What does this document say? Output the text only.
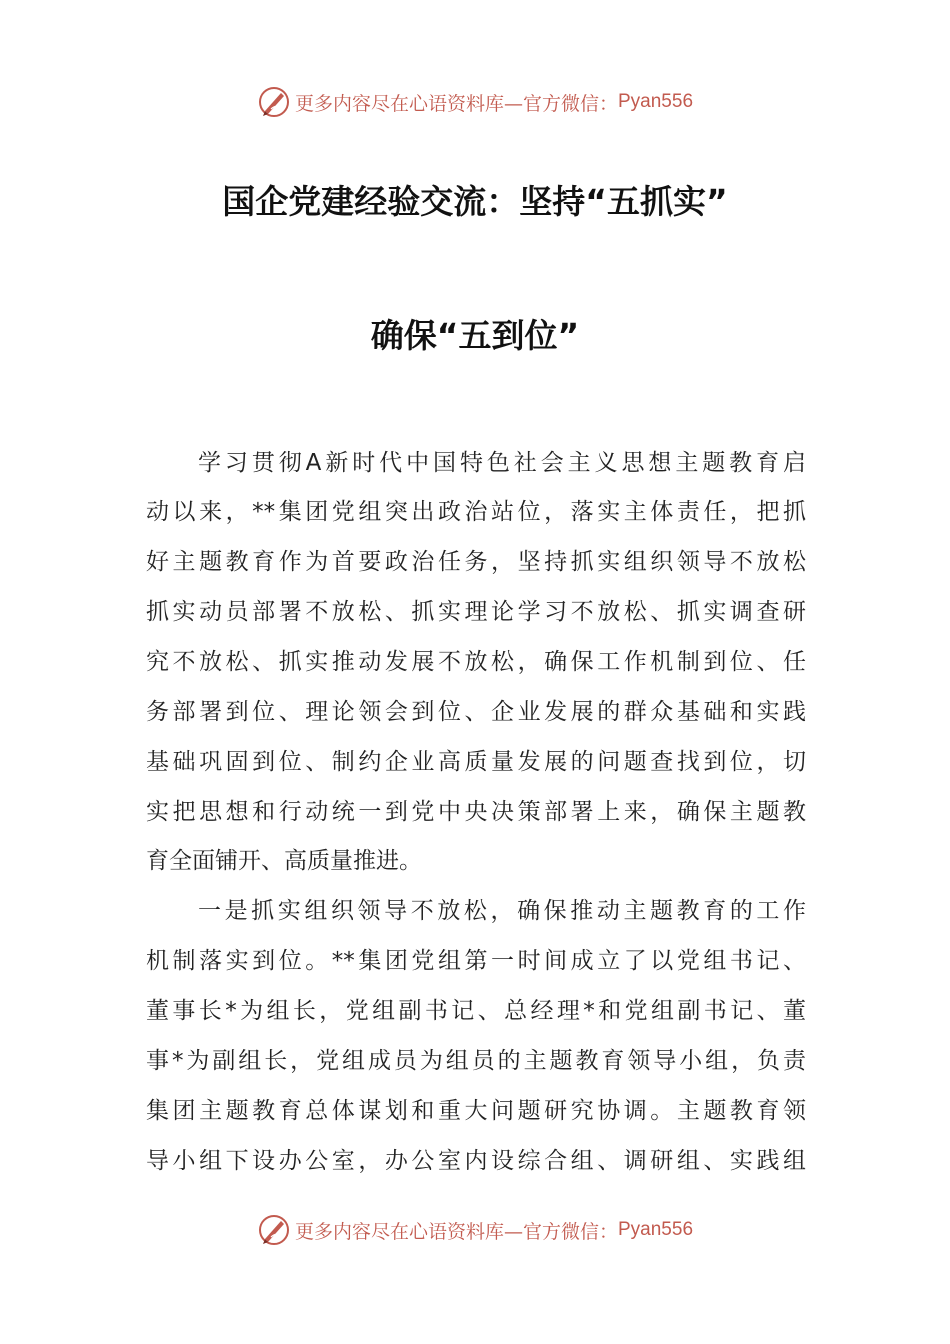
更多内容尽在心语资料库—官方微信： Pyan556
国企党建经验交流：坚持“五抓实”
确保“五到位”
学习贯彻A新时代中国特色社会主义思想主题教育启
动以来，**集团党组突出政治站位，落实主体责任，把抓
好主题教育作为首要政治任务，坚持抓实组织领导不放松
抓实动员部署不放松、抓实理论学习不放松、抓实调查研
究不放松、抓实推动发展不放松，确保工作机制到位、任
务部署到位、理论领会到位、企业发展的群众基础和实践
基础巩固到位、制约企业高质量发展的问题查找到位，切
实把思想和行动统一到党中央决策部署上来，确保主题教
育全面铺开、高质量推进。
一是抓实组织领导不放松，确保推动主题教育的工作
机制落实到位。**集团党组第一时间成立了以党组书记、
董事长*为组长，党组副书记、总经理*和党组副书记、董
事*为副组长，党组成员为组员的主题教育领导小组，负责
集团主题教育总体谋划和重大问题研究协调。主题教育领
导小组下设办公室，办公室内设综合组、调研组、实践组
更多内容尽在心语资料库—官方微信： Pyan556
